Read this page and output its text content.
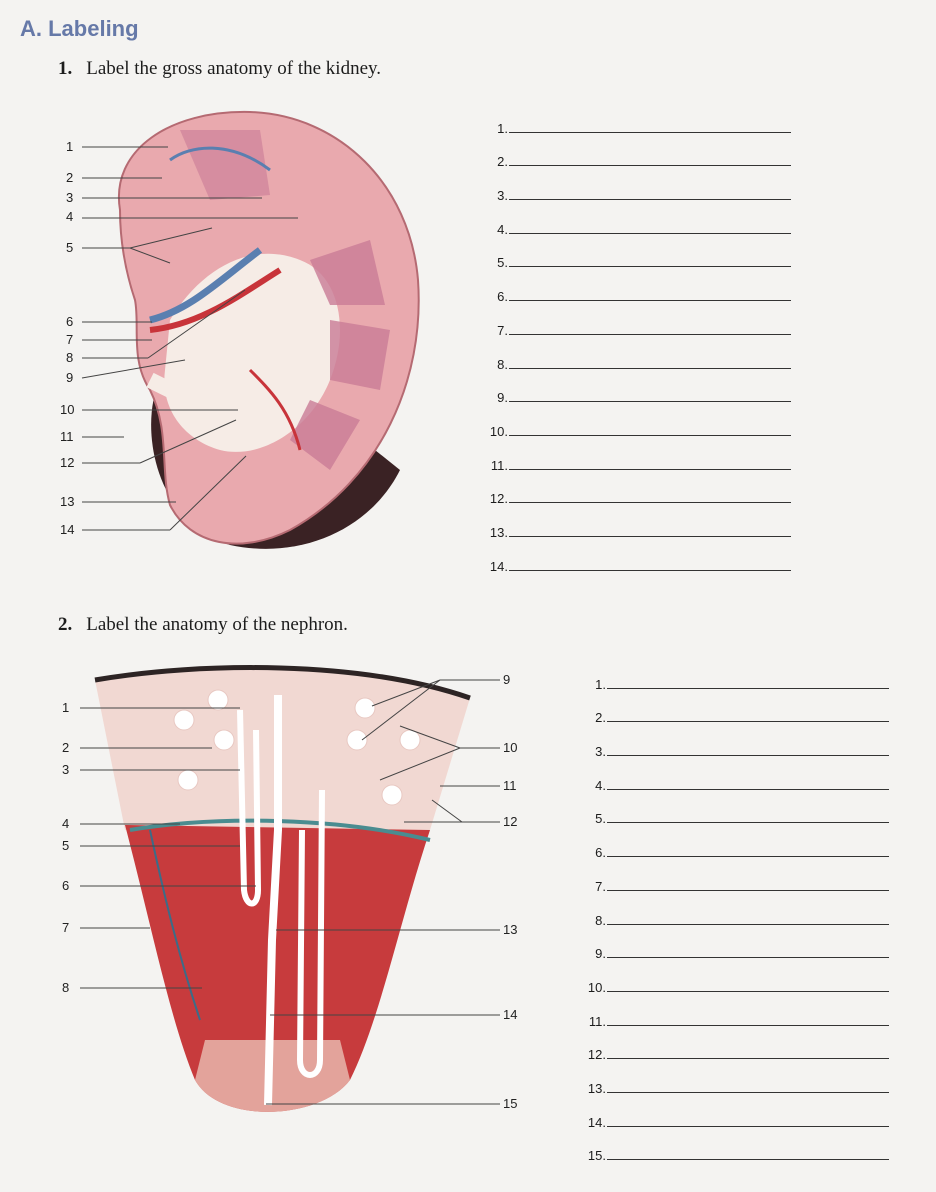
A. Labeling

1. Label the gross anatomy of the kidney.

1
2
3
4
5
6
7
8
9
10
11
12
13
14
1.
2.
3.
4.
5.
6.
7.
8.
9.
10.
11.
12.
13.
14.

2. Label the anatomy of the nephron.

1
2
3
4
5
6
7
8
9
10
11
12
13
14
15
1.
2.
3.
4.
5.
6.
7.
8.
9.
10.
11.
12.
13.
14.
15.
